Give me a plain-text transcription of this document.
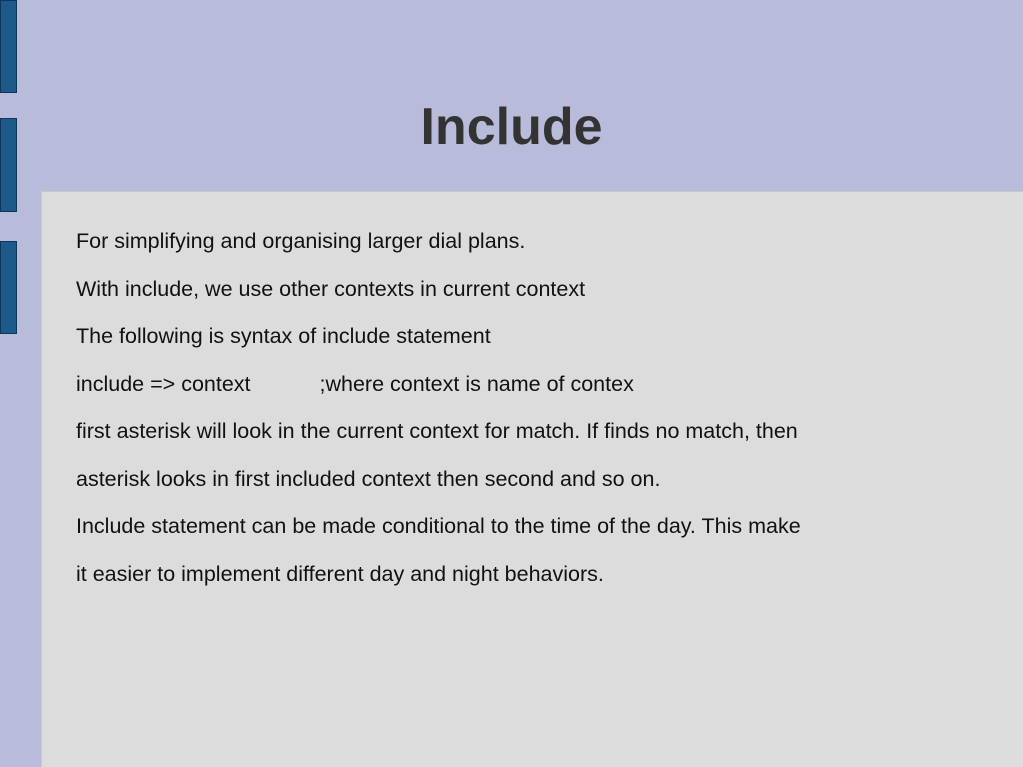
Include
For simplifying and organising larger dial plans.
With include, we use other contexts in current context
The following is syntax of include statement
include => context	;where context is name of contex
first asterisk will look in the current context for match. If finds no match, then
asterisk looks in first included context then second and so on.
Include statement can be made conditional to the time of the day. This make
it easier to implement different day and night behaviors.
